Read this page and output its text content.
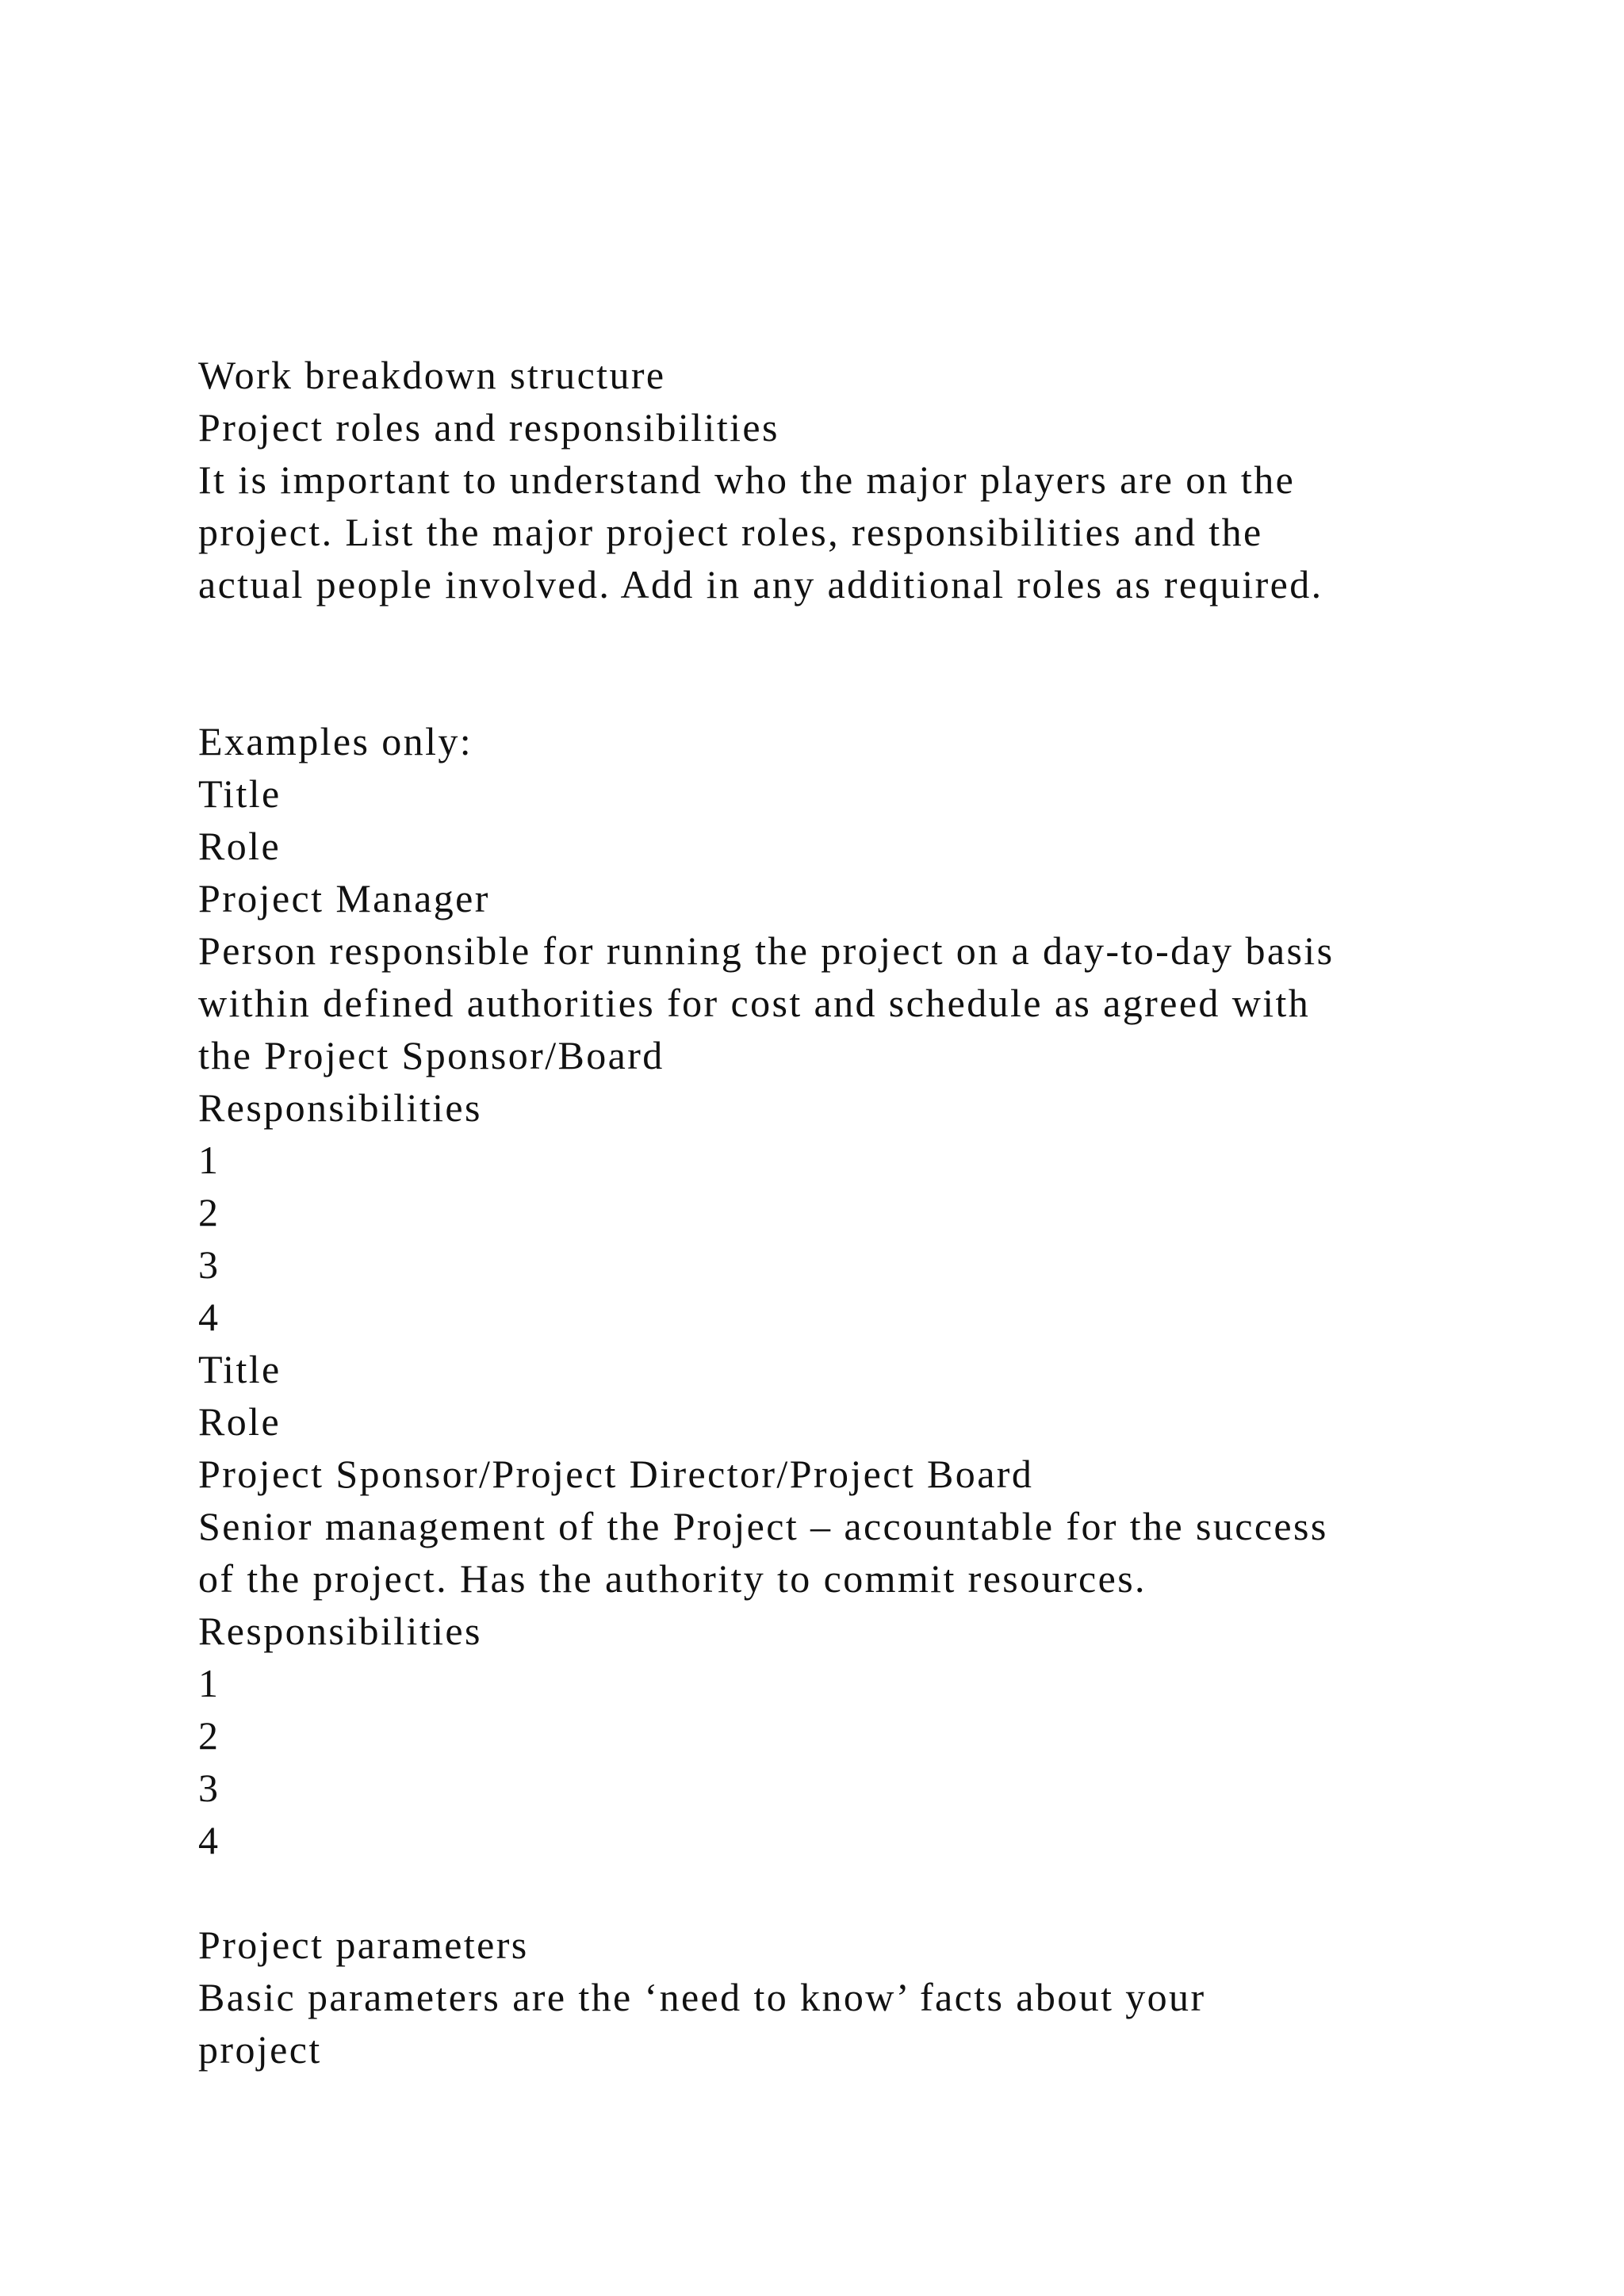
Work breakdown structure
Project roles and responsibilities
It is important to understand who the major players are on the
project. List the major project roles, responsibilities and the
actual people involved. Add in any additional roles as required.
Examples only:
Title
Role
Project Manager
Person responsible for running the project on a day-to-day basis
within defined authorities for cost and schedule as agreed with
the Project Sponsor/Board
Responsibilities
1
2
3
4
Title
Role
Project Sponsor/Project Director/Project Board
Senior management of the Project – accountable for the success
of the project. Has the authority to commit resources.
Responsibilities
1
2
3
4
Project parameters
Basic parameters are the ‘need to know’ facts about your
project
